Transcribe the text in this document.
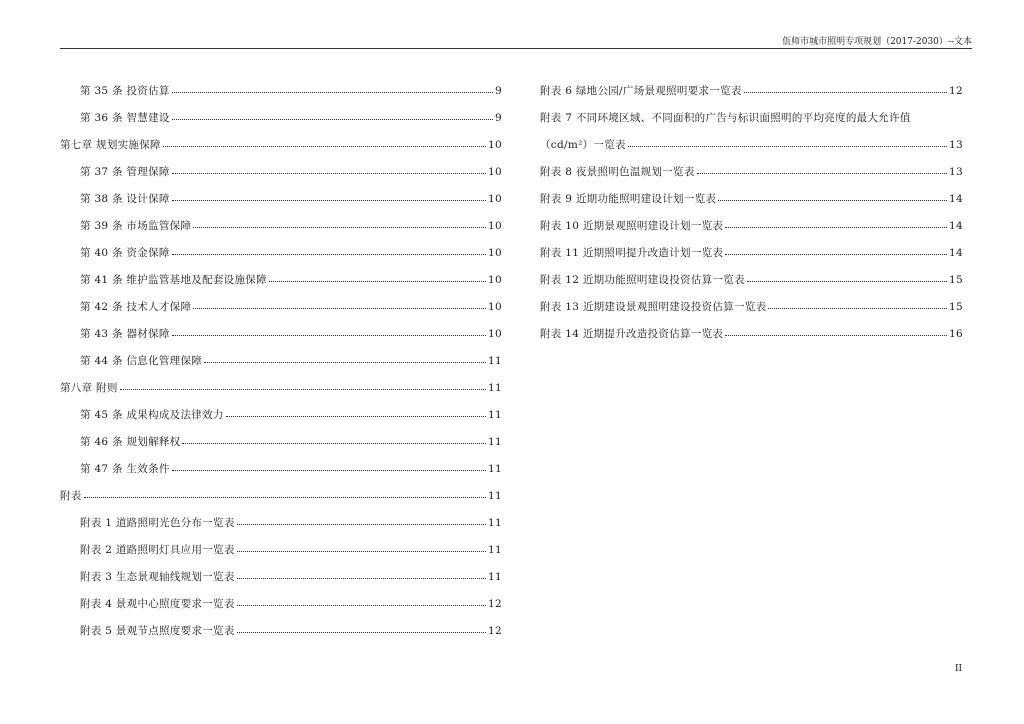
佤师市城市照明专项规划（2017-2030）--文本
第 35 条 投资估算	9
第 36 条 智慧建设	9
第七章 规划实施保障	10
第 37 条 管理保障	10
第 38 条 设计保障	10
第 39 条 市场监管保障	10
第 40 条 资金保障	10
第 41 条 维护监管基地及配套设施保障	10
第 42 条 技术人才保障	10
第 43 条 器材保障	10
第 44 条 信息化管理保障	11
第八章 附则	11
第 45 条 成果构成及法律效力	11
第 46 条 规划解释权	11
第 47 条 生效条件	11
附表	11
附表 1 道路照明光色分布一览表	11
附表 2 道路照明灯具应用一览表	11
附表 3 生态景观轴线规划一览表	11
附表 4 景观中心照度要求一览表	12
附表 5 景观节点照度要求一览表	12
附表 6 绿地公园/广场景观照明要求一览表	12
附表 7 不同环境区域、不同面积的广告与标识面照明的平均亮度的最大允许值
（cd/m²）一览表	13
附表 8 夜景照明色温规划一览表	13
附表 9 近期功能照明建设计划一览表	14
附表 10 近期景观照明建设计划一览表	14
附表 11 近期照明提升改造计划一览表	14
附表 12 近期功能照明建设投资估算一览表	15
附表 13 近期建设景观照明建设投资估算一览表	15
附表 14 近期提升改造投资估算一览表	16
II
